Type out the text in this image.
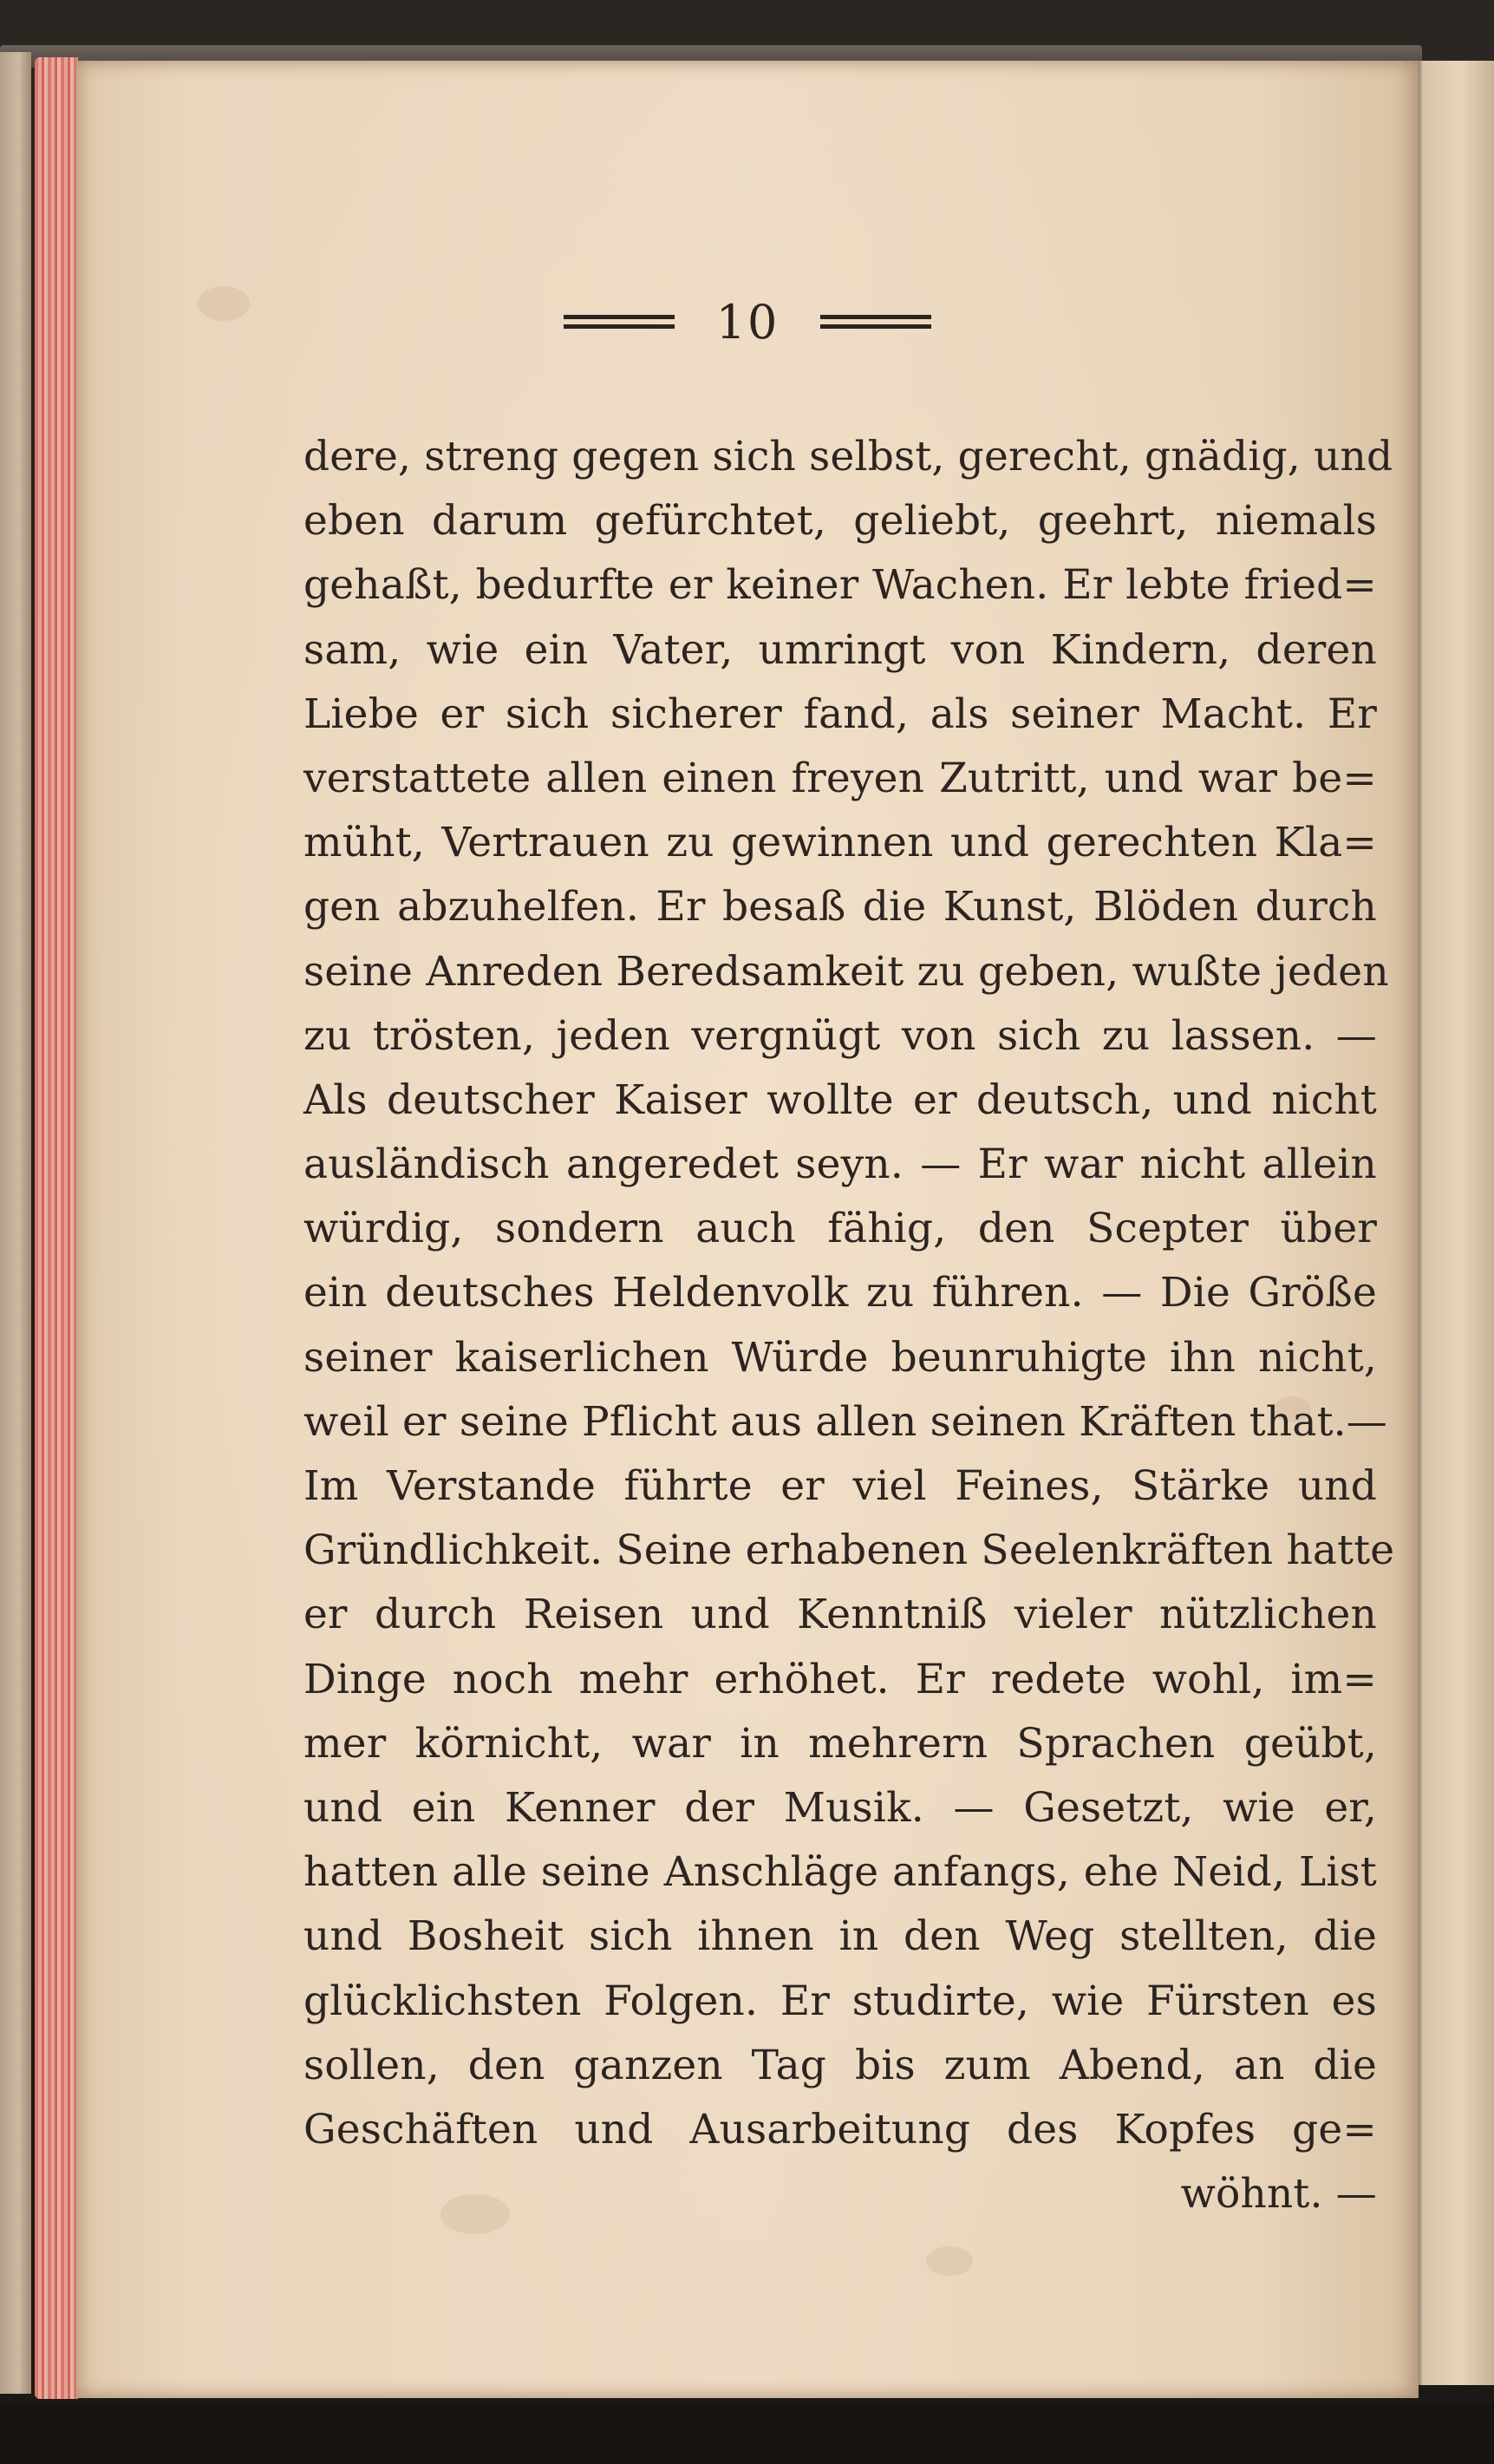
10
dere, streng gegen sich selbst, gerecht, gnädig, und
eben darum gefürchtet, geliebt, geehrt, niemals
gehaßt, bedurfte er keiner Wachen. Er lebte fried=
sam, wie ein Vater, umringt von Kindern, deren
Liebe er sich sicherer fand, als seiner Macht. Er
verstattete allen einen freyen Zutritt, und war be=
müht, Vertrauen zu gewinnen und gerechten Kla=
gen abzuhelfen. Er besaß die Kunst, Blöden durch
seine Anreden Beredsamkeit zu geben, wußte jeden
zu trösten, jeden vergnügt von sich zu lassen. —
Als deutscher Kaiser wollte er deutsch, und nicht
ausländisch angeredet seyn. — Er war nicht allein
würdig, sondern auch fähig, den Scepter über
ein deutsches Heldenvolk zu führen. — Die Größe
seiner kaiserlichen Würde beunruhigte ihn nicht,
weil er seine Pflicht aus allen seinen Kräften that.—
Im Verstande führte er viel Feines, Stärke und
Gründlichkeit. Seine erhabenen Seelenkräften hatte
er durch Reisen und Kenntniß vieler nützlichen
Dinge noch mehr erhöhet. Er redete wohl, im=
mer körnicht, war in mehrern Sprachen geübt,
und ein Kenner der Musik. — Gesetzt, wie er,
hatten alle seine Anschläge anfangs, ehe Neid, List
und Bosheit sich ihnen in den Weg stellten, die
glücklichsten Folgen. Er studirte, wie Fürsten es
sollen, den ganzen Tag bis zum Abend, an die
Geschäften und Ausarbeitung des Kopfes ge=
wöhnt. —
